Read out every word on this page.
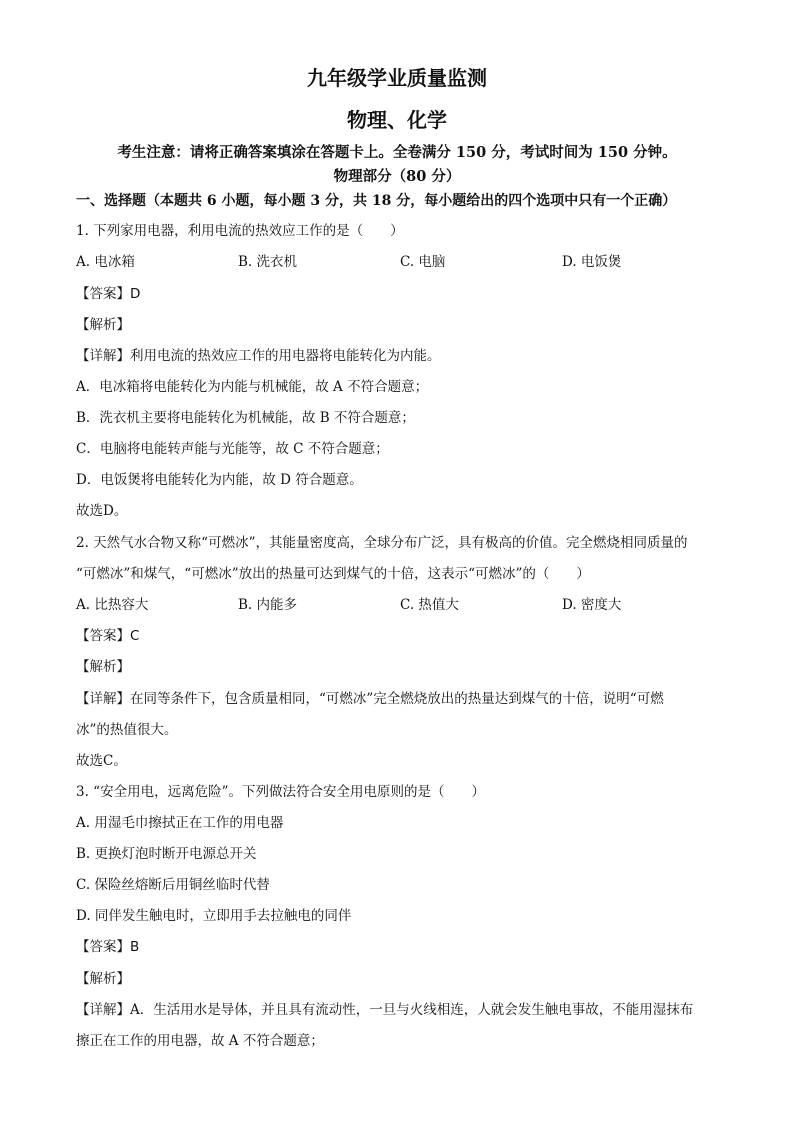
九年级学业质量监测
物理、化学
考生注意：请将正确答案填涂在答题卡上。全卷满分 150 分，考试时间为 150 分钟。
物理部分（80 分）
一、选择题（本题共 6 小题，每小题 3 分，共 18 分，每小题给出的四个选项中只有一个正确）
1. 下列家用电器，利用电流的热效应工作的是（　　）
A. 电冰箱	B. 洗衣机	C. 电脑	D. 电饭煲
【答案】D
【解析】
【详解】利用电流的热效应工作的用电器将电能转化为内能。
A．电冰箱将电能转化为内能与机械能，故 A 不符合题意；
B．洗衣机主要将电能转化为机械能，故 B 不符合题意；
C．电脑将电能转声能与光能等，故 C 不符合题意；
D．电饭煲将电能转化为内能，故 D 符合题意。
故选D。
2. 天然气水合物又称“可燃冰”，其能量密度高，全球分布广泛，具有极高的价值。完全燃烧相同质量的
“可燃冰”和煤气，“可燃冰”放出的热量可达到煤气的十倍，这表示“可燃冰”的（　　）
A. 比热容大	B. 内能多	C. 热值大	D. 密度大
【答案】C
【解析】
【详解】在同等条件下，包含质量相同，“可燃冰”完全燃烧放出的热量达到煤气的十倍，说明“可燃
冰”的热值很大。
故选C。
3. “安全用电，远离危险”。下列做法符合安全用电原则的是（　　）
A. 用湿毛巾擦拭正在工作的用电器
B. 更换灯泡时断开电源总开关
C. 保险丝熔断后用铜丝临时代替
D. 同伴发生触电时，立即用手去拉触电的同伴
【答案】B
【解析】
【详解】A．生活用水是导体，并且具有流动性，一旦与火线相连，人就会发生触电事故，不能用湿抹布
擦正在工作的用电器，故 A 不符合题意；
